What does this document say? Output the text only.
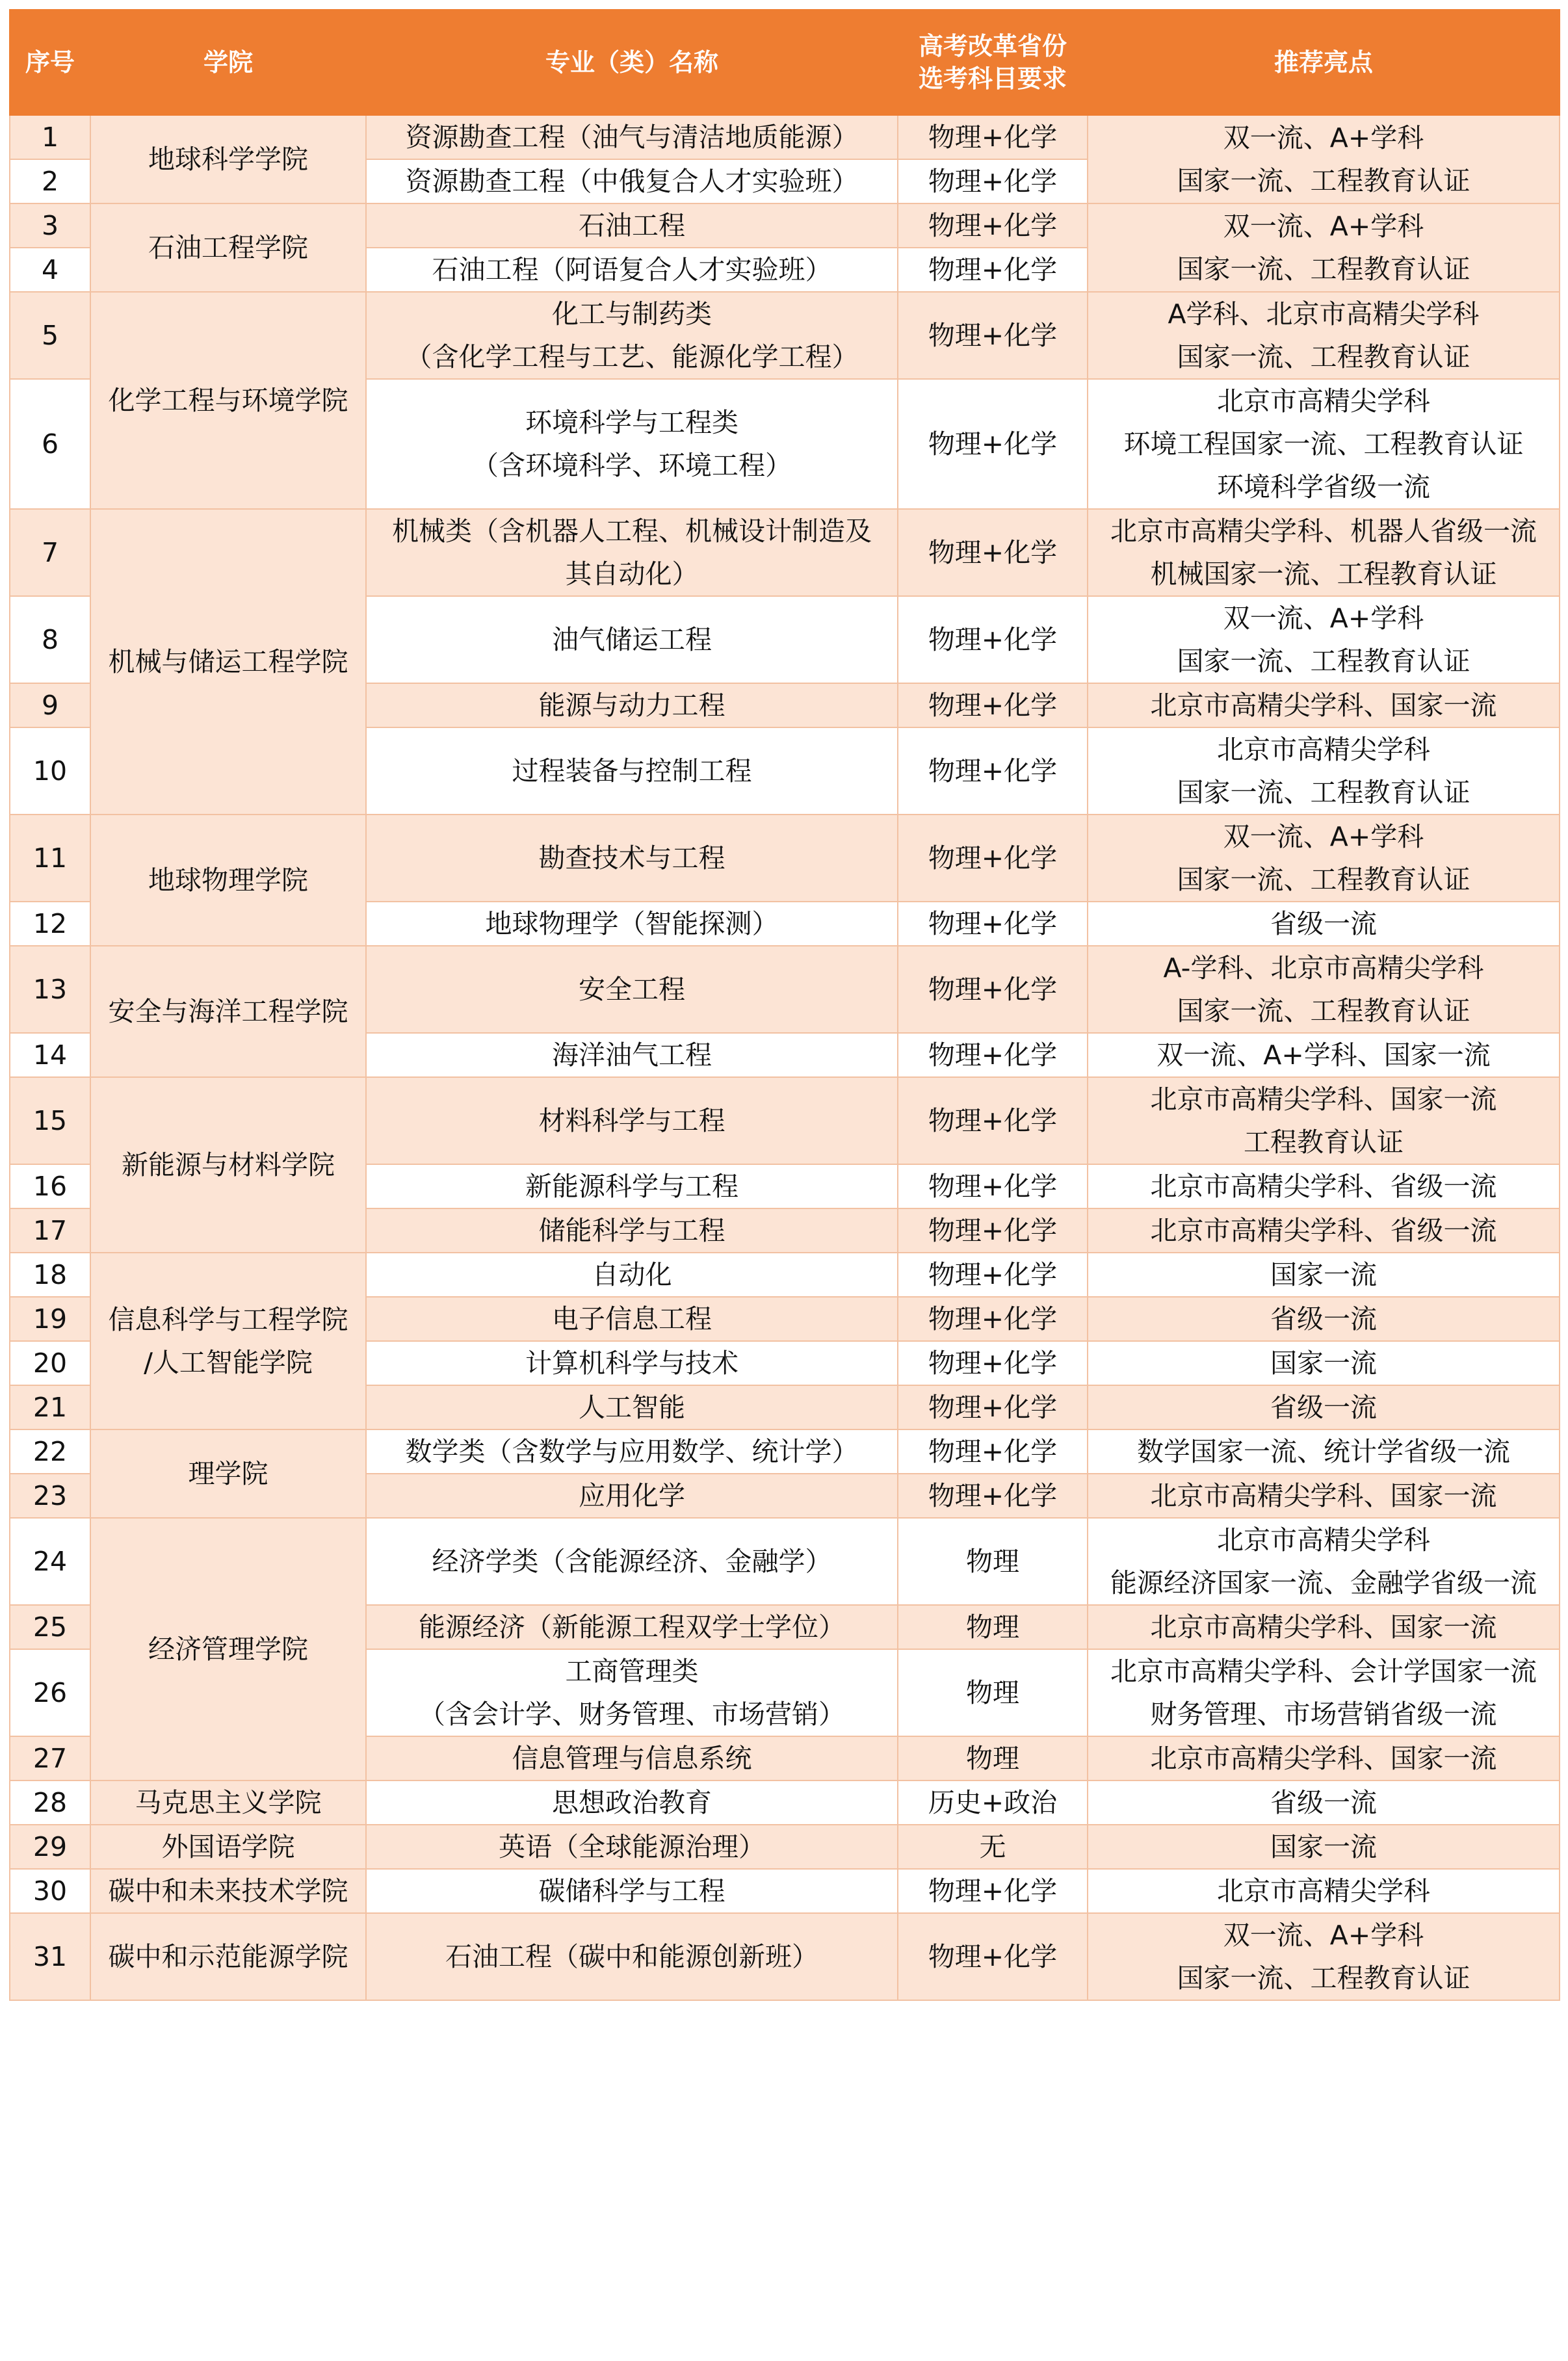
序号	学院	专业（类）名称	高考改革省份
选考科目要求	推荐亮点

1	地球科学学院	资源勘查工程（油气与清洁地质能源）	物理+化学	双一流、A+学科
国家一流、工程教育认证

2		资源勘查工程（中俄复合人才实验班）	物理+化学	

3	石油工程学院	石油工程	物理+化学	双一流、A+学科
国家一流、工程教育认证

4		石油工程（阿语复合人才实验班）	物理+化学	

5	化学工程与环境学院	化工与制药类
（含化学工程与工艺、能源化学工程）	物理+化学	A学科、北京市高精尖学科
国家一流、工程教育认证

6		环境科学与工程类
（含环境科学、环境工程）	物理+化学	北京市高精尖学科
环境工程国家一流、工程教育认证
环境科学省级一流

7	机械与储运工程学院	机械类（含机器人工程、机械设计制造及
其自动化）	物理+化学	北京市高精尖学科、机器人省级一流
机械国家一流、工程教育认证

8		油气储运工程	物理+化学	双一流、A+学科
国家一流、工程教育认证

9		能源与动力工程	物理+化学	北京市高精尖学科、国家一流

10		过程装备与控制工程	物理+化学	北京市高精尖学科
国家一流、工程教育认证

11	地球物理学院	勘查技术与工程	物理+化学	双一流、A+学科
国家一流、工程教育认证

12		地球物理学（智能探测）	物理+化学	省级一流

13	安全与海洋工程学院	安全工程	物理+化学	A-学科、北京市高精尖学科
国家一流、工程教育认证

14		海洋油气工程	物理+化学	双一流、A+学科、国家一流

15	新能源与材料学院	材料科学与工程	物理+化学	北京市高精尖学科、国家一流
工程教育认证

16		新能源科学与工程	物理+化学	北京市高精尖学科、省级一流

17		储能科学与工程	物理+化学	北京市高精尖学科、省级一流

18	信息科学与工程学院
/人工智能学院	自动化	物理+化学	国家一流

19		电子信息工程	物理+化学	省级一流

20		计算机科学与技术	物理+化学	国家一流

21		人工智能	物理+化学	省级一流

22	理学院	数学类（含数学与应用数学、统计学）	物理+化学	数学国家一流、统计学省级一流

23		应用化学	物理+化学	北京市高精尖学科、国家一流

24	经济管理学院	经济学类（含能源经济、金融学）	物理	北京市高精尖学科
能源经济国家一流、金融学省级一流

25		能源经济（新能源工程双学士学位）	物理	北京市高精尖学科、国家一流

26		工商管理类
（含会计学、财务管理、市场营销）	物理	北京市高精尖学科、会计学国家一流
财务管理、市场营销省级一流

27		信息管理与信息系统	物理	北京市高精尖学科、国家一流

28	马克思主义学院	思想政治教育	历史+政治	省级一流

29	外国语学院	英语（全球能源治理）	无	国家一流

30	碳中和未来技术学院	碳储科学与工程	物理+化学	北京市高精尖学科

31	碳中和示范能源学院	石油工程（碳中和能源创新班）	物理+化学	双一流、A+学科
国家一流、工程教育认证
